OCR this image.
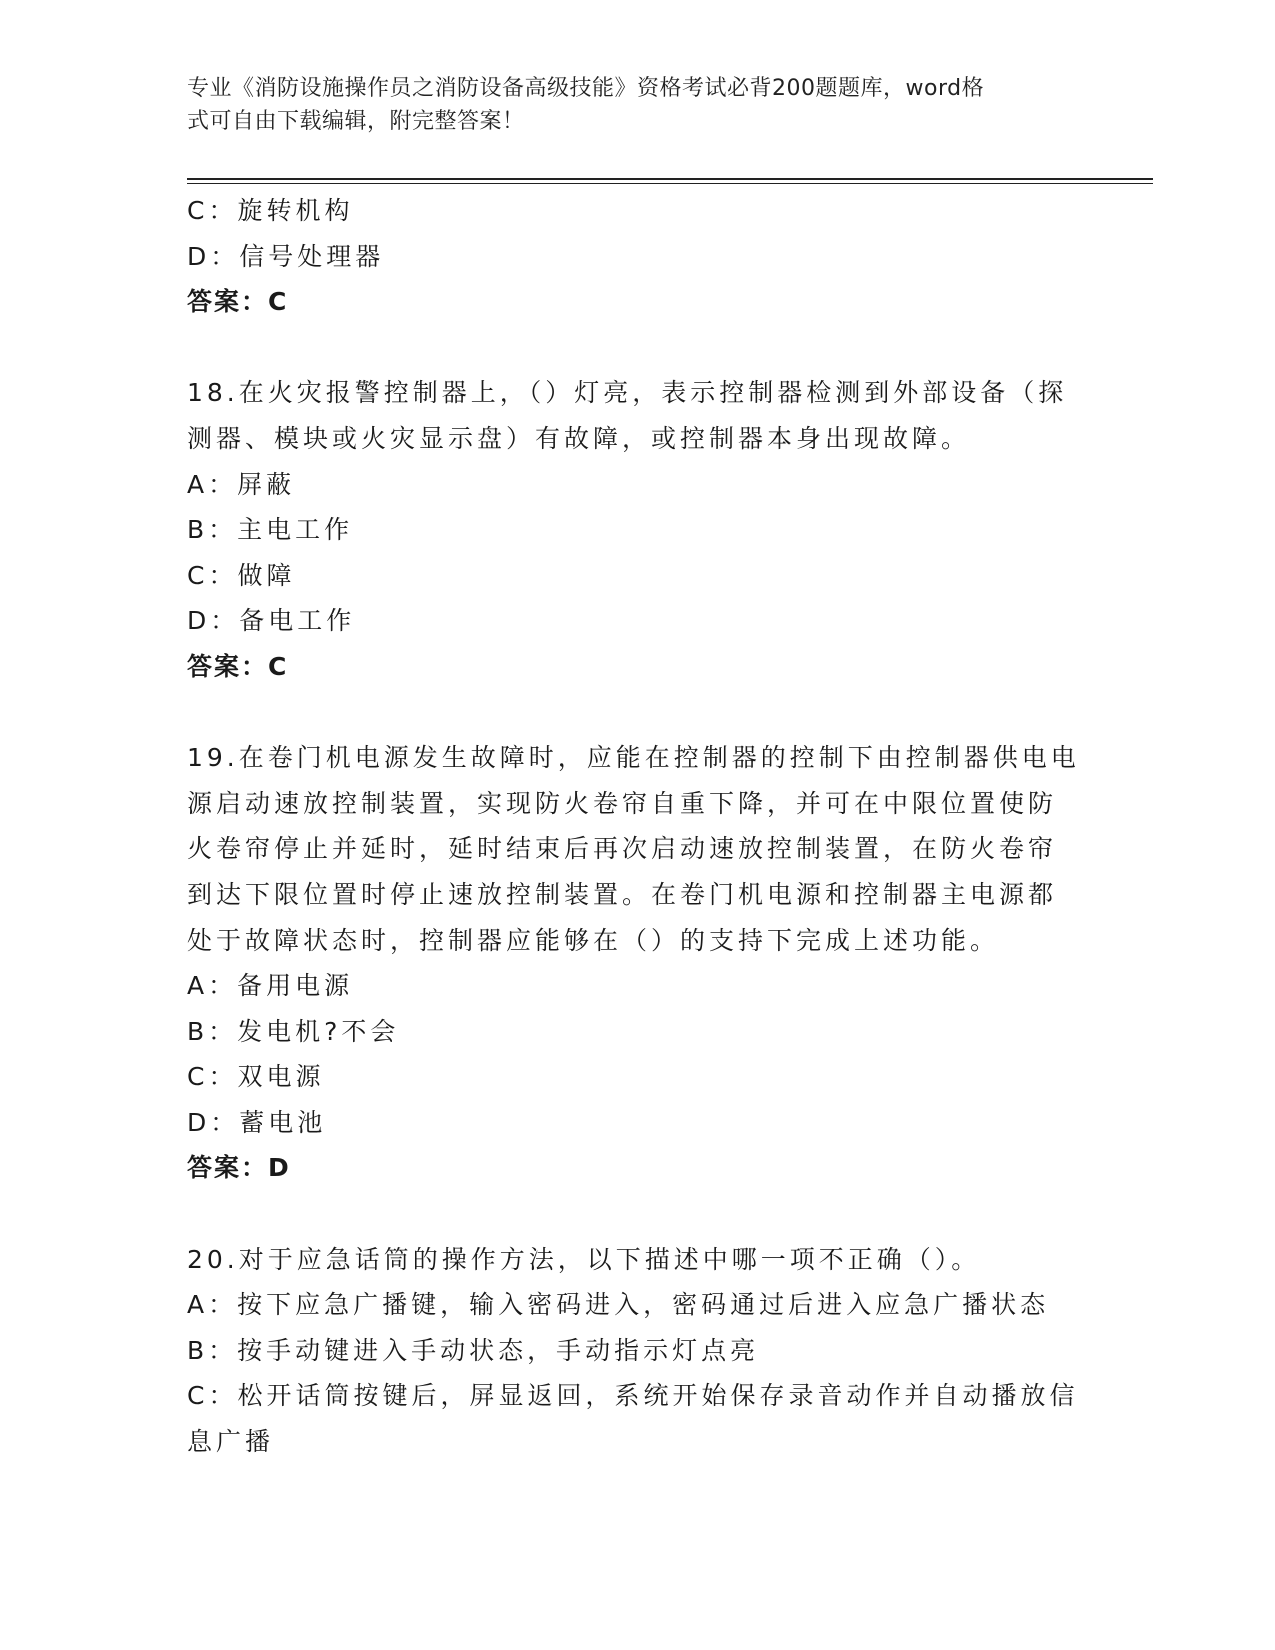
专业《消防设施操作员之消防设备高级技能》资格考试必背200题题库，word格
式可自由下载编辑，附完整答案！
C：旋转机构
D：信号处理器
答案：C
18.在火灾报警控制器上，（）灯亮，表示控制器检测到外部设备（探
测器、模块或火灾显示盘）有故障，或控制器本身出现故障。
A：屏蔽
B：主电工作
C：做障
D：备电工作
答案：C
19.在卷门机电源发生故障时，应能在控制器的控制下由控制器供电电
源启动速放控制装置，实现防火卷帘自重下降，并可在中限位置使防
火卷帘停止并延时，延时结束后再次启动速放控制装置，在防火卷帘
到达下限位置时停止速放控制装置。在卷门机电源和控制器主电源都
处于故障状态时，控制器应能够在（）的支持下完成上述功能。
A：备用电源
B：发电机?不会
C：双电源
D：蓄电池
答案：D
20.对于应急话筒的操作方法，以下描述中哪一项不正确（）。
A：按下应急广播键，输入密码进入，密码通过后进入应急广播状态
B：按手动键进入手动状态，手动指示灯点亮
C：松开话筒按键后，屏显返回，系统开始保存录音动作并自动播放信
息广播
